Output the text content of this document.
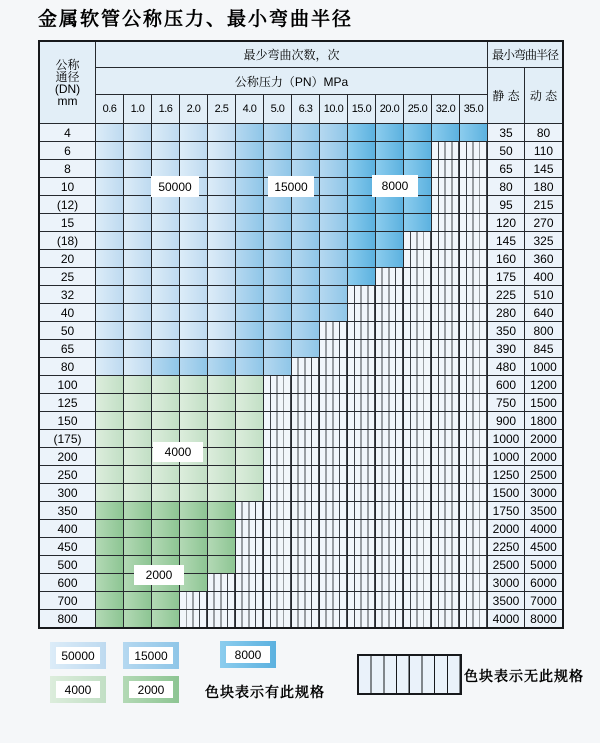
金属软管公称压力、最小弯曲半径
公称
通径
(DN)
mm
最少弯曲次数，次	最小弯曲半径
公称压力（PN）MPa
静 态 动 态
0.6	1.0	1.6	2.0	2.5	4.0	5.0	6.3	10.0 15.0 20.0 25.0 32.0 35.0
4	35	80
6	50	110
8	65	145
10	80	180
(12)	95	215
15	120	270
(18)	145	325
20	160	360
25	175	400
32	225	510
40	280	640
50	350	800
65	390	845
80	480	1000
100	600	1200
125	750	1500
150	900	1800
(175)	1000 2000
200	1000 2000
250	1250 2500
300	1500 3000
350	1750 3500
400	2000 4000
450	2250 4500
500	2500 5000
600	3000 6000
700	3500 7000
800	4000 8000
色块表示有此规格
色块表示无此规格
50000	15000	8000
4000
2000
50000	15000	8000
4000	2000
